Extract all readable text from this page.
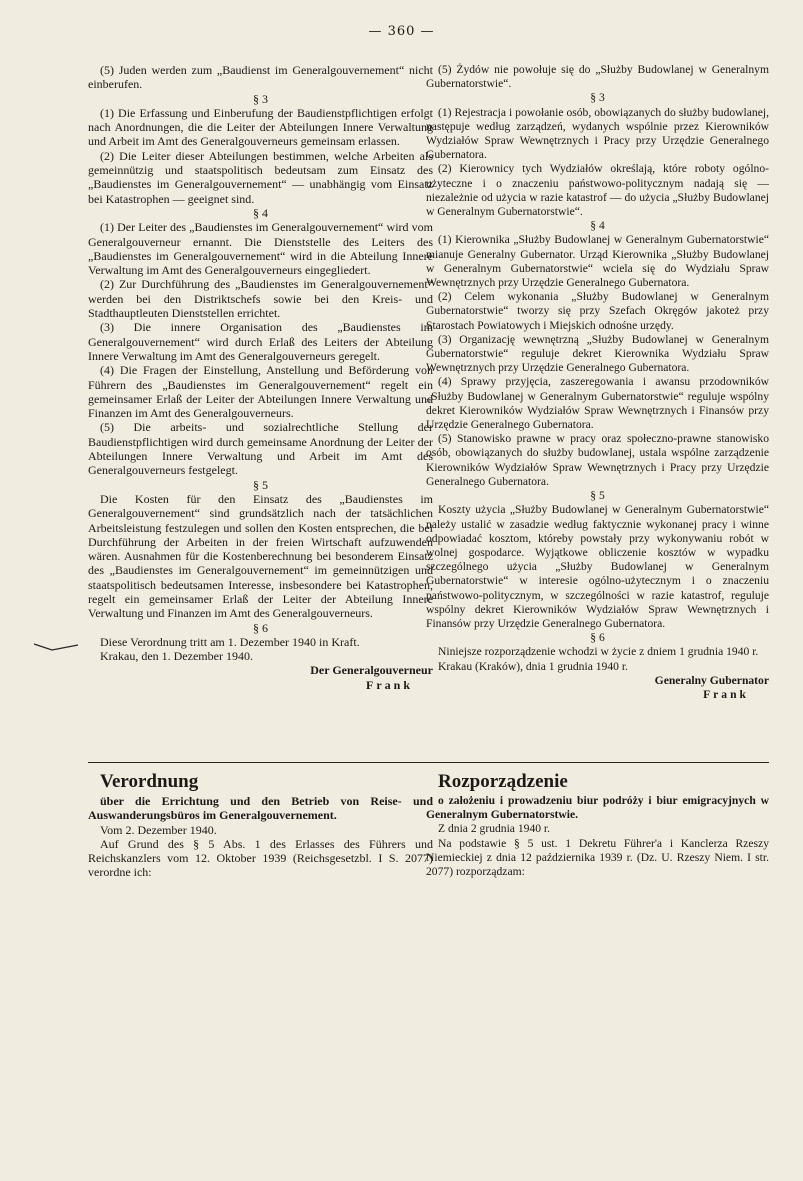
— 360 —

(5) Juden werden zum „Baudienst im Generalgouvernement“ nicht einberufen.

§ 3

(1) Die Erfassung und Einberufung der Baudienstpflichtigen erfolgt nach Anordnungen, die die Leiter der Abteilungen Innere Verwaltung und Arbeit im Amt des Generalgouverneurs gemeinsam erlassen.

(2) Die Leiter dieser Abteilungen bestimmen, welche Arbeiten als gemeinnützig und staatspolitisch bedeutsam zum Einsatz des „Baudienstes im Generalgouvernement“ — unabhängig vom Einsatz bei Katastrophen — geeignet sind.

§ 4

(1) Der Leiter des „Baudienstes im Generalgouvernement“ wird vom Generalgouverneur ernannt. Die Dienststelle des Leiters des „Baudienstes im Generalgouvernement“ wird in die Abteilung Innere Verwaltung im Amt des Generalgouverneurs eingegliedert.

(2) Zur Durchführung des „Baudienstes im Generalgouvernement“ werden bei den Distriktschefs sowie bei den Kreis- und Stadthauptleuten Dienststellen errichtet.

(3) Die innere Organisation des „Baudienstes im Generalgouvernement“ wird durch Erlaß des Leiters der Abteilung Innere Verwaltung im Amt des Generalgouverneurs geregelt.

(4) Die Fragen der Einstellung, Anstellung und Beförderung von Führern des „Baudienstes im Generalgouvernement“ regelt ein gemeinsamer Erlaß der Leiter der Abteilungen Innere Verwaltung und Finanzen im Amt des Generalgouverneurs.

(5) Die arbeits- und sozialrechtliche Stellung der Baudienstpflichtigen wird durch gemeinsame Anordnung der Leiter der Abteilungen Innere Verwaltung und Arbeit im Amt des Generalgouverneurs festgelegt.

§ 5

Die Kosten für den Einsatz des „Baudienstes im Generalgouvernement“ sind grundsätzlich nach der tatsächlichen Arbeitsleistung festzulegen und sollen den Kosten entsprechen, die bei Durchführung der Arbeiten in der freien Wirtschaft aufzuwenden wären. Ausnahmen für die Kostenberechnung bei besonderem Einsatz des „Baudienstes im Generalgouvernement“ im gemeinnützigen und staatspolitisch bedeutsamen Interesse, insbesondere bei Katastrophen, regelt ein gemeinsamer Erlaß der Leiter der Abteilung Innere Verwaltung und Finanzen im Amt des Generalgouverneurs.

§ 6

Diese Verordnung tritt am 1. Dezember 1940 in Kraft.

Krakau, den 1. Dezember 1940.

Der Generalgouverneur

Frank

(5) Żydów nie powołuje się do „Służby Budowlanej w Generalnym Gubernatorstwie“.

§ 3

(1) Rejestracja i powołanie osób, obowiązanych do służby budowlanej, następuje według zarządzeń, wydanych wspólnie przez Kierowników Wydziałów Spraw Wewnętrznych i Pracy przy Urzędzie Generalnego Gubernatora.

(2) Kierownicy tych Wydziałów określają, które roboty ogólno-użyteczne i o znaczeniu państwowo-politycznym nadają się — niezależnie od użycia w razie katastrof — do użycia „Służby Budowlanej w Generalnym Gubernatorstwie“.

§ 4

(1) Kierownika „Służby Budowlanej w Generalnym Gubernatorstwie“ mianuje Generalny Gubernator. Urząd Kierownika „Służby Budowlanej w Generalnym Gubernatorstwie“ wciela się do Wydziału Spraw Wewnętrznych przy Urzędzie Generalnego Gubernatora.

(2) Celem wykonania „Służby Budowlanej w Generalnym Gubernatorstwie“ tworzy się przy Szefach Okręgów jakoteż przy Starostach Powiatowych i Miejskich odnośne urzędy.

(3) Organizację wewnętrzną „Służby Budowlanej w Generalnym Gubernatorstwie“ reguluje dekret Kierownika Wydziału Spraw Wewnętrznych przy Urzędzie Generalnego Gubernatora.

(4) Sprawy przyjęcia, zaszeregowania i awansu przodowników „Służby Budowlanej w Generalnym Gubernatorstwie“ reguluje wspólny dekret Kierowników Wydziałów Spraw Wewnętrznych i Finansów przy Urzędzie Generalnego Gubernatora.

(5) Stanowisko prawne w pracy oraz społeczno-prawne stanowisko osób, obowiązanych do służby budowlanej, ustala wspólne zarządzenie Kierowników Wydziałów Spraw Wewnętrznych i Pracy przy Urzędzie Generalnego Gubernatora.

§ 5

Koszty użycia „Służby Budowlanej w Generalnym Gubernatorstwie“ należy ustalić w zasadzie według faktycznie wykonanej pracy i winne odpowiadać kosztom, któreby powstały przy wykonywaniu robót w wolnej gospodarce. Wyjątkowe obliczenie kosztów w wypadku szczególnego użycia „Służby Budowlanej w Generalnym Gubernatorstwie“ w interesie ogólno-użytecznym i o znaczeniu państwowo-politycznym, w szczególności w razie katastrof, reguluje wspólny dekret Kierowników Wydziałów Spraw Wewnętrznych i Finansów przy Urzędzie Generalnego Gubernatora.

§ 6

Niniejsze rozporządzenie wchodzi w życie z dniem 1 grudnia 1940 r.

Krakau (Kraków), dnia 1 grudnia 1940 r.

Generalny Gubernator

Frank

Verordnung

über die Errichtung und den Betrieb von Reise- und Auswanderungsbüros im Generalgouvernement.

Vom 2. Dezember 1940.

Auf Grund des § 5 Abs. 1 des Erlasses des Führers und Reichskanzlers vom 12. Oktober 1939 (Reichsgesetzbl. I S. 2077) verordne ich:

Rozporządzenie

o założeniu i prowadzeniu biur podróży i biur emigracyjnych w Generalnym Gubernatorstwie.

Z dnia 2 grudnia 1940 r.

Na podstawie § 5 ust. 1 Dekretu Führer'a i Kanclerza Rzeszy Niemieckiej z dnia 12 października 1939 r. (Dz. U. Rzeszy Niem. I str. 2077) rozporządzam:
